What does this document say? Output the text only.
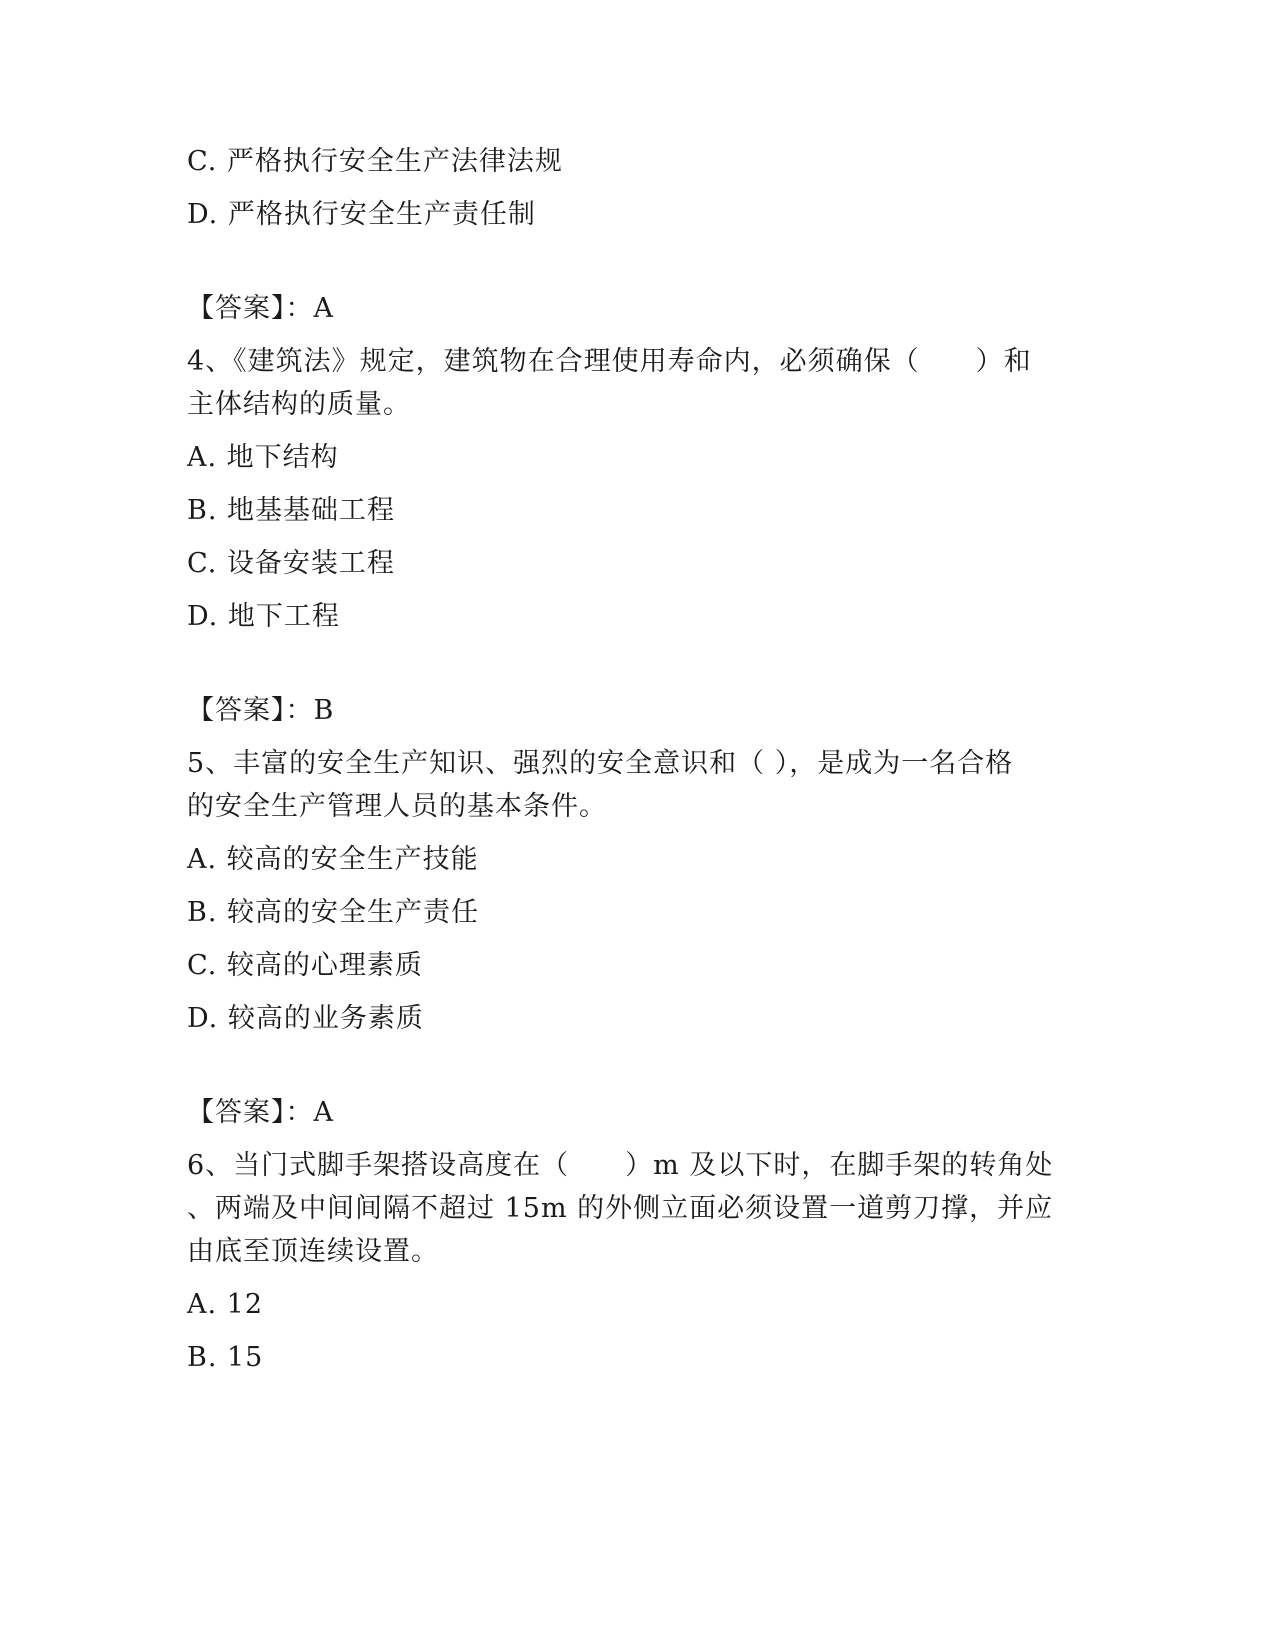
C. 严格执行安全生产法律法规
D. 严格执行安全生产责任制
【答案】：A
4、《建筑法》规定，建筑物在合理使用寿命内，必须确保（　　）和
主体结构的质量。
A. 地下结构
B. 地基基础工程
C. 设备安装工程
D. 地下工程
【答案】：B
5、丰富的安全生产知识、强烈的安全意识和（ ），是成为一名合格
的安全生产管理人员的基本条件。
A. 较高的安全生产技能
B. 较高的安全生产责任
C. 较高的心理素质
D. 较高的业务素质
【答案】：A
6、当门式脚手架搭设高度在（　　）m 及以下时，在脚手架的转角处
、两端及中间间隔不超过 15m 的外侧立面必须设置一道剪刀撑，并应
由底至顶连续设置。
A. 12
B. 15
